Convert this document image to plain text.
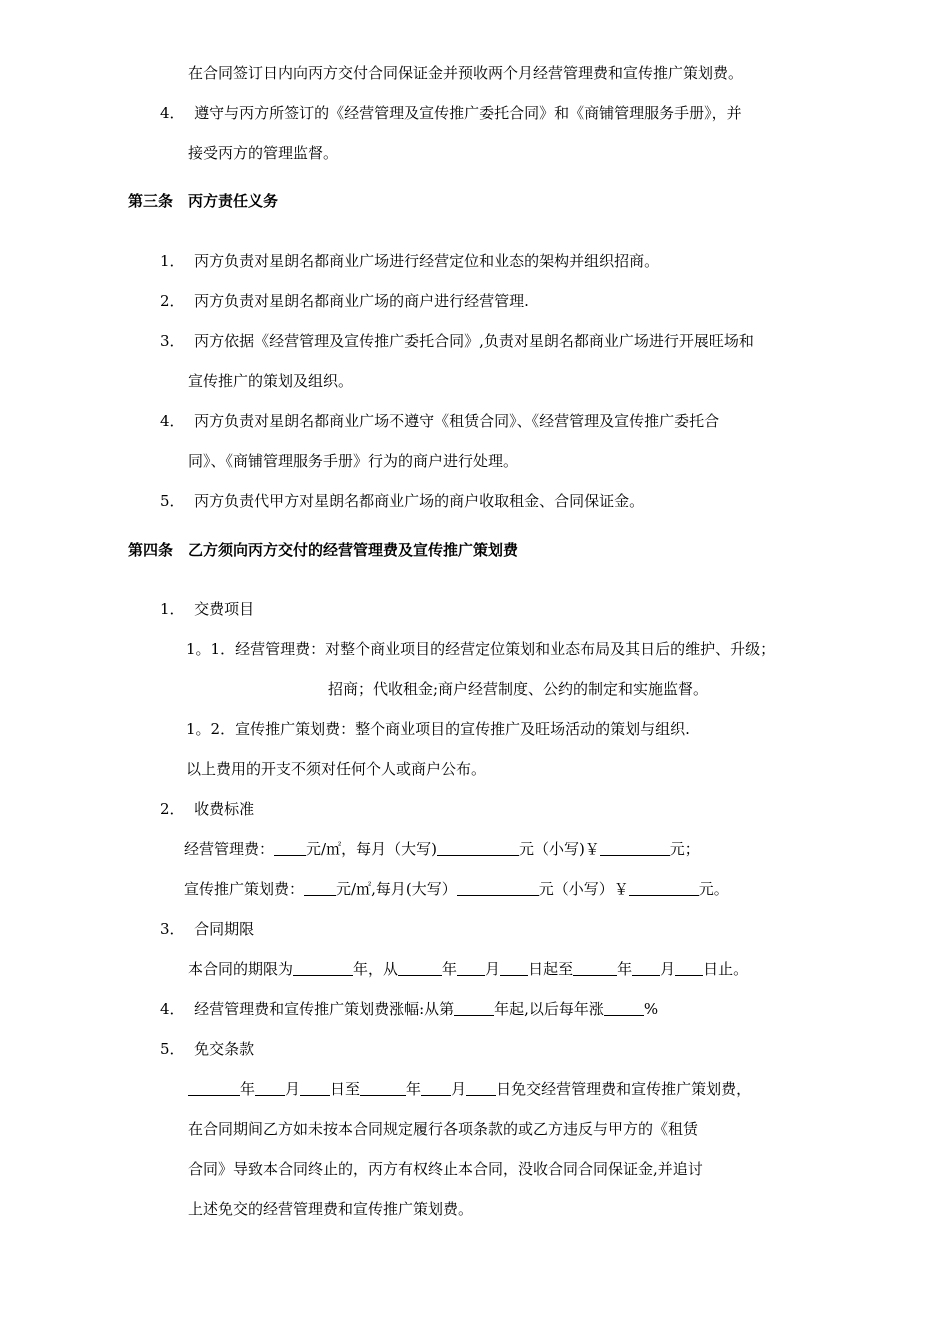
在合同签订日内向丙方交付合同保证金并预收两个月经营管理费和宣传推广策划费。
4．  遵守与丙方所签订的《经营管理及宣传推广委托合同》和《商铺管理服务手册》，并
接受丙方的管理监督。
第三条　丙方责任义务
1．  丙方负责对星朗名都商业广场进行经营定位和业态的架构并组织招商。
2．  丙方负责对星朗名都商业广场的商户进行经营管理.
3．  丙方依据《经营管理及宣传推广委托合同》,负责对星朗名都商业广场进行开展旺场和
宣传推广的策划及组织。
4．  丙方负责对星朗名都商业广场不遵守《租赁合同》、《经营管理及宣传推广委托合
同》、《商铺管理服务手册》行为的商户进行处理。
5．  丙方负责代甲方对星朗名都商业广场的商户收取租金、合同保证金。
第四条　乙方须向丙方交付的经营管理费及宣传推广策划费
1．  交费项目
1。1．经营管理费：对整个商业项目的经营定位策划和业态布局及其日后的维护、升级；
招商；代收租金;商户经营制度、公约的制定和实施监督。
1。2．宣传推广策划费：整个商业项目的宣传推广及旺场活动的策划与组织.
以上费用的开支不须对任何个人或商户公布。
2．  收费标准
经营管理费： 元/㎡，每月（大写)	元（小写)￥	元；
宣传推广策划费： 元/㎡,每月(大写）	元（小写）￥	元。
3．  合同期限
本合同的期限为	年，从	年 月 日起至	年 月 日止。
4．  经营管理费和宣传推广策划费涨幅:从第	年起,以后每年涨	%
5．  免交条款
年 月 日至	年 月 日免交经营管理费和宣传推广策划费，
在合同期间乙方如未按本合同规定履行各项条款的或乙方违反与甲方的《租赁
合同》导致本合同终止的，丙方有权终止本合同，没收合同合同保证金,并追讨
上述免交的经营管理费和宣传推广策划费。
